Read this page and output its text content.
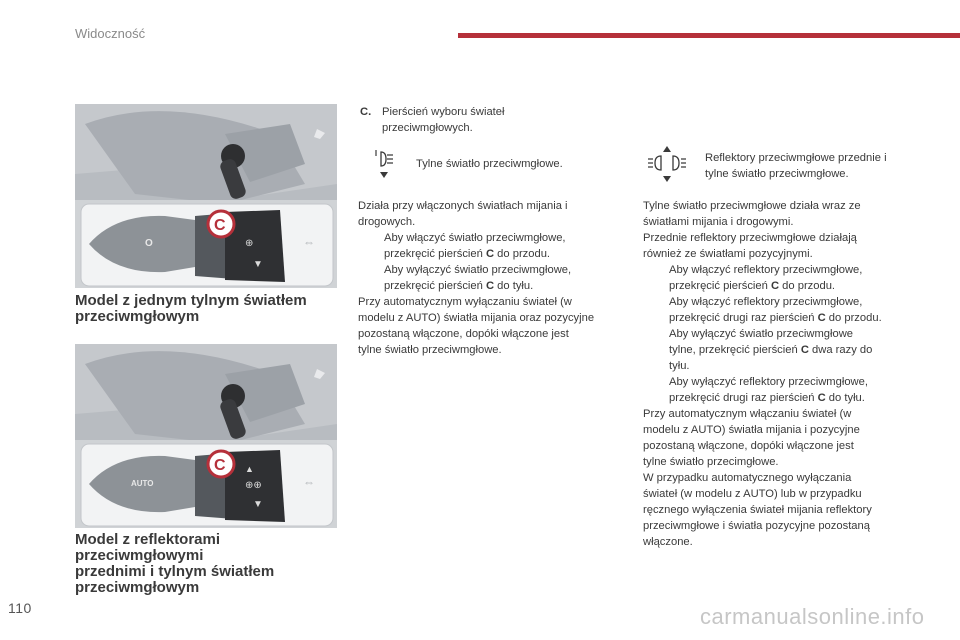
Widoczność
O	⊕
▼
⇔
C
Model z jednym tylnym światłem
przeciwmgłowym
AUTO
▲
⊕⊕
▼
⇔
C
Model z reflektorami
przeciwmgłowymi
przednimi i tylnym światłem
przeciwmgłowym
C. Pierścień wyboru świateł
przeciwmgłowych.
Tylne światło przeciwmgłowe.	Reflektory przeciwmgłowe przednie i
tylne światło przeciwmgłowe.

Działa przy włączonych światłach mijania i

drogowych.

Aby włączyć światło przeciwmgłowe,

przekręcić pierścień C do przodu.

Aby wyłączyć światło przeciwmgłowe,

przekręcić pierścień C do tyłu.

Przy automatycznym wyłączaniu świateł (w

modelu z AUTO) światła mijania oraz pozycyjne

pozostaną włączone, dopóki włączone jest

tylne światło przeciwmgłowe.

Tylne światło przeciwmgłowe działa wraz ze

światłami mijania i drogowymi.

Przednie reflektory przeciwmgłowe działają

również ze światłami pozycyjnymi.

Aby włączyć reflektory przeciwmgłowe,

przekręcić pierścień C do przodu.

Aby włączyć reflektory przeciwmgłowe,

przekręcić drugi raz pierścień C do przodu.

Aby wyłączyć światło przeciwmgłowe

tylne, przekręcić pierścień C dwa razy do

tyłu.

Aby wyłączyć reflektory przeciwmgłowe,

przekręcić drugi raz pierścień C do tyłu.

Przy automatycznym włączaniu świateł (w

modelu z AUTO) światła mijania i pozycyjne

pozostaną włączone, dopóki włączone jest

tylne światło przecimgłowe.

W przypadku automatycznego wyłączania

świateł (w modelu z AUTO) lub w przypadku

ręcznego wyłączenia świateł mijania reflektory

przeciwmgłowe i światła pozycyjne pozostaną

włączone.

110	carmanualsonline.info
